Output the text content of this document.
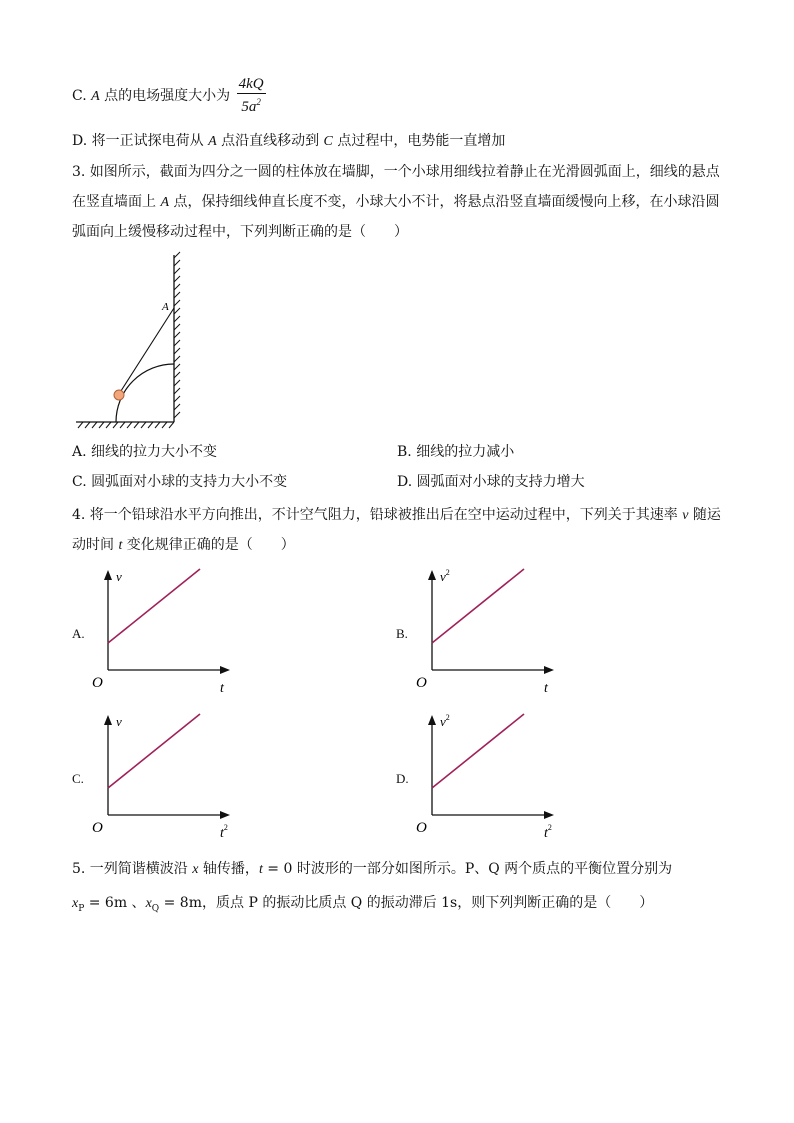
C. A 点的电场强度大小为 $\frac{4kQ}{5a^2}$
D. 将一正试探电荷从 A 点沿直线移动到 C 点过程中，电势能一直增加
3. 如图所示，截面为四分之一圆的柱体放在墙脚，一个小球用细线拉着静止在光滑圆弧面上，细线的悬点
在竖直墙面上 A 点，保持细线伸直长度不变，小球大小不计，将悬点沿竖直墙面缓慢向上移，在小球沿圆
弧面向上缓慢移动过程中，下列判断正确的是（　　）
A
A. 细线的拉力大小不变	B. 细线的拉力减小
C. 圆弧面对小球的支持力大小不变	D. 圆弧面对小球的支持力增大
4. 将一个铅球沿水平方向推出，不计空气阻力，铅球被推出后在空中运动过程中，下列关于其速率 v 随运
动时间 t 变化规律正确的是（　　）
A.
v
t
O
B.
$v^2$
t
O
C.
v
$t^2$
O
D.
$v^2$
$t^2$
O
5. 一列简谐横波沿 x 轴传播，t = 0 时波形的一部分如图所示。P、Q 两个质点的平衡位置分别为
$x_P = 6m$ 、$x_Q = 8m$，质点 P 的振动比质点 Q 的振动滞后 1s，则下列判断正确的是（　　）
